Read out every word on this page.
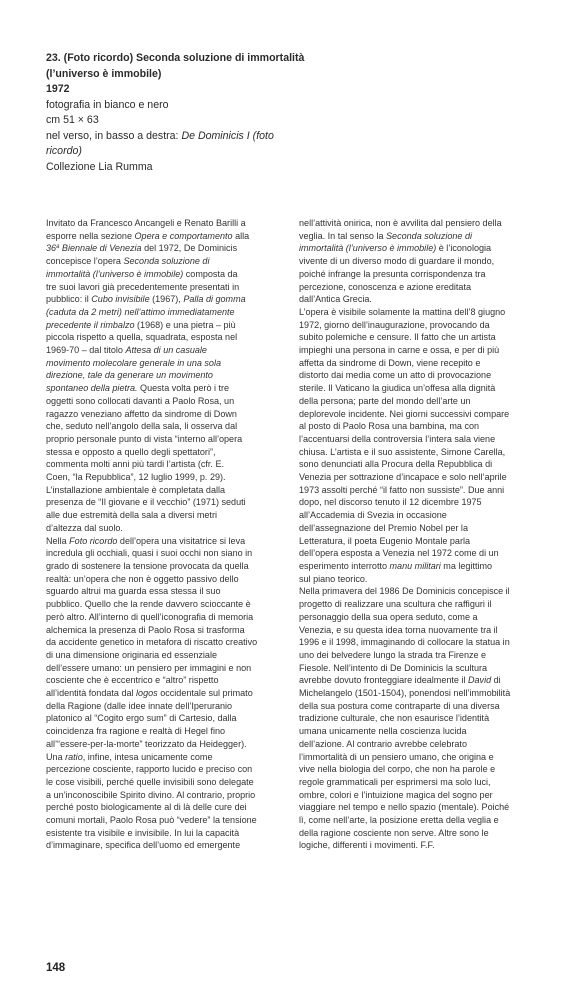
23. (Foto ricordo) Seconda soluzione di immortalità (l’universo è immobile)
1972
fotografia in bianco e nero
cm 51 × 63
nel verso, in basso a destra: De Dominicis I (foto ricordo)
Collezione Lia Rumma

Invitato da Francesco Ancangeli e Renato Barilli a

esporre nella sezione Opera e comportamento alla

36$^a$ Biennale di Venezia del 1972, De Dominicis

concepisce l’opera Seconda soluzione di

immortalità (l’universo è immobile) composta da

tre suoi lavori già precedentemente presentati in

pubblico: il Cubo invisibile (1967), Palla di gomma

(caduta da 2 metri) nell’attimo immediatamente

precedente il rimbalzo (1968) e una pietra – più

piccola rispetto a quella, squadrata, esposta nel

1969-70 – dal titolo Attesa di un casuale

movimento molecolare generale in una sola

direzione, tale da generare un movimento

spontaneo della pietra. Questa volta però i tre

oggetti sono collocati davanti a Paolo Rosa, un

ragazzo veneziano affetto da sindrome di Down

che, seduto nell’angolo della sala, li osserva dal

proprio personale punto di vista “interno all’opera

stessa e opposto a quello degli spettatori”,

commenta molti anni più tardi l’artista (cfr. E.

Coen, “la Repubblica”, 12 luglio 1999, p. 29).

L’installazione ambientale è completata dalla

presenza de “Il giovane e il vecchio” (1971) seduti

alle due estremità della sala a diversi metri

d’altezza dal suolo.

Nella Foto ricordo dell’opera una visitatrice si leva

incredula gli occhiali, quasi i suoi occhi non siano in

grado di sostenere la tensione provocata da quella

realtà: un’opera che non è oggetto passivo dello

sguardo altrui ma guarda essa stessa il suo

pubblico. Quello che la rende davvero scioccante è

però altro. All’interno di quell’iconografia di memoria

alchemica la presenza di Paolo Rosa si trasforma

da accidente genetico in metafora di riscatto creativo

di una dimensione originaria ed essenziale

dell’essere umano: un pensiero per immagini e non

cosciente che è eccentrico e “altro” rispetto

all’identità fondata dal logos occidentale sul primato

della Ragione (dalle idee innate dell’Iperuranio

platonico al “Cogito ergo sum” di Cartesio, dalla

coincidenza fra ragione e realtà di Hegel fino

all’“essere-per-la-morte” teorizzato da Heidegger).

Una ratio, infine, intesa unicamente come

percezione cosciente, rapporto lucido e preciso con

le cose visibili, perché quelle invisibili sono delegate

a un’inconoscibile Spirito divino. Al contrario, proprio

perché posto biologicamente al di là delle cure dei

comuni mortali, Paolo Rosa può “vedere” la tensione

esistente tra visibile e invisibile. In lui la capacità

d’immaginare, specifica dell’uomo ed emergente

nell’attività onirica, non è avvilita dal pensiero della

veglia. In tal senso la Seconda soluzione di

immortalità (l’universo è immobile) è l’iconologia

vivente di un diverso modo di guardare il mondo,

poiché infrange la presunta corrispondenza tra

percezione, conoscenza e azione ereditata

dall’Antica Grecia.

L’opera è visibile solamente la mattina dell’8 giugno

1972, giorno dell’inaugurazione, provocando da

subito polemiche e censure. Il fatto che un artista

impieghi una persona in carne e ossa, e per di più

affetta da sindrome di Down, viene recepito e

distorto dai media come un atto di provocazione

sterile. Il Vaticano la giudica un’offesa alla dignità

della persona; parte del mondo dell’arte un

deplorevole incidente. Nei giorni successivi compare

al posto di Paolo Rosa una bambina, ma con

l’accentuarsi della controversia l’intera sala viene

chiusa. L’artista e il suo assistente, Simone Carella,

sono denunciati alla Procura della Repubblica di

Venezia per sottrazione d’incapace e solo nell’aprile

1973 assolti perché “il fatto non sussiste”. Due anni

dopo, nel discorso tenuto il 12 dicembre 1975

all’Accademia di Svezia in occasione

dell’assegnazione del Premio Nobel per la

Letteratura, il poeta Eugenio Montale parla

dell’opera esposta a Venezia nel 1972 come di un

esperimento interrotto manu militari ma legittimo

sul piano teorico.

Nella primavera del 1986 De Dominicis concepisce il

progetto di realizzare una scultura che raffiguri il

personaggio della sua opera seduto, come a

Venezia, e su questa idea torna nuovamente tra il

1996 e il 1998, immaginando di collocare la statua in

uno dei belvedere lungo la strada tra Firenze e

Fiesole. Nell’intento di De Dominicis la scultura

avrebbe dovuto fronteggiare idealmente il David di

Michelangelo (1501-1504), ponendosi nell’immobilità

della sua postura come contraparte di una diversa

tradizione culturale, che non esaurisce l’identità

umana unicamente nella coscienza lucida

dell’azione. Al contrario avrebbe celebrato

l’immortalità di un pensiero umano, che origina e

vive nella biologia del corpo, che non ha parole e

regole grammaticali per esprimersi ma solo luci,

ombre, colori e l’intuizione magica del sogno per

viaggiare nel tempo e nello spazio (mentale). Poiché

lì, come nell’arte, la posizione eretta della veglia e

della ragione cosciente non serve. Altre sono le

logiche, differenti i movimenti. F.F.

148
